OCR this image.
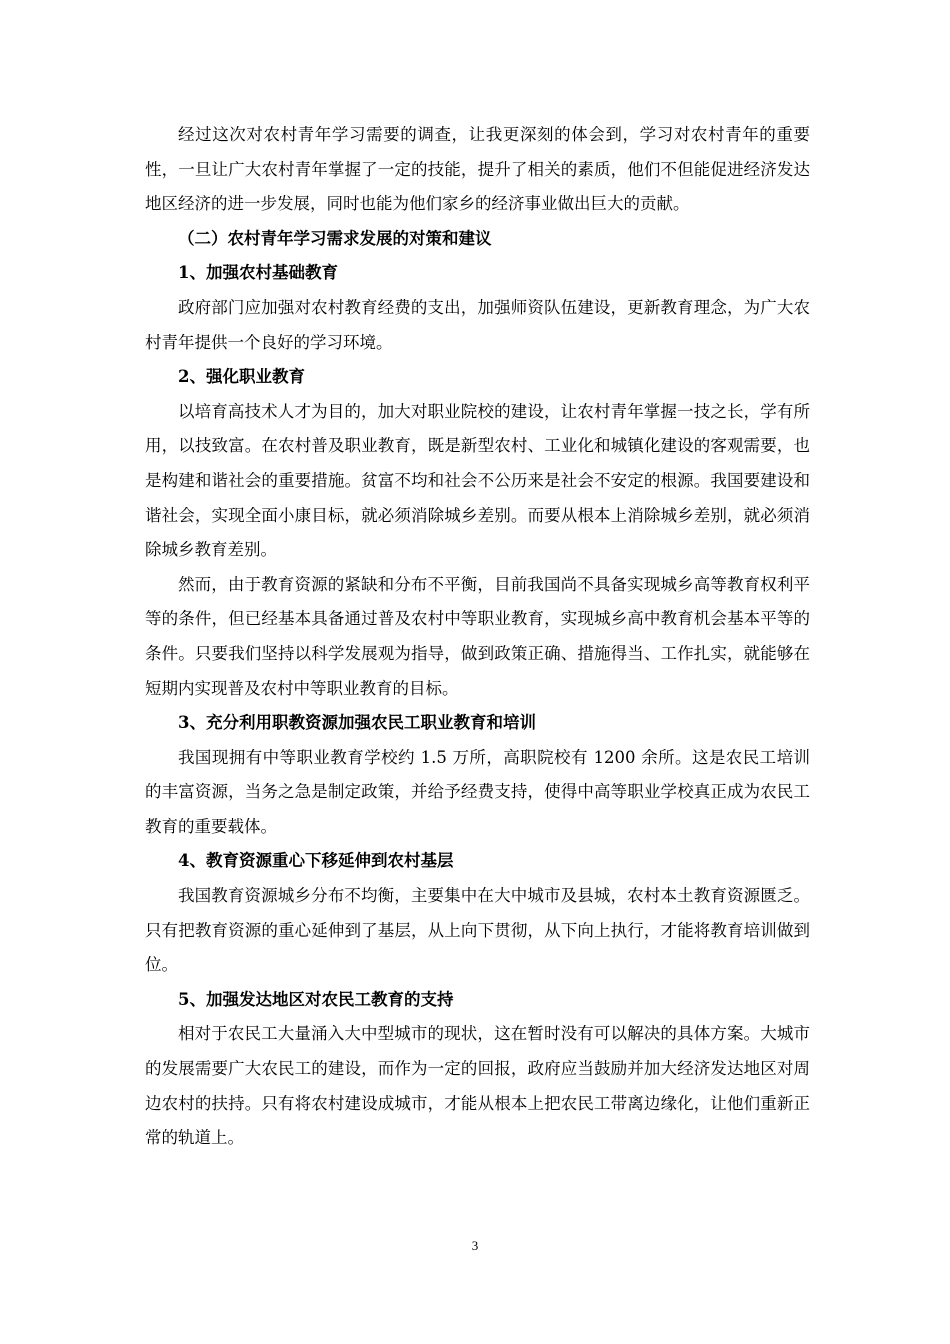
经过这次对农村青年学习需要的调查，让我更深刻的体会到，学习对农村青年的重要性，一旦让广大农村青年掌握了一定的技能，提升了相关的素质，他们不但能促进经济发达地区经济的进一步发展，同时也能为他们家乡的经济事业做出巨大的贡献。

（二）农村青年学习需求发展的对策和建议
1、加强农村基础教育

政府部门应加强对农村教育经费的支出，加强师资队伍建设，更新教育理念，为广大农村青年提供一个良好的学习环境。

2、强化职业教育

以培育高技术人才为目的，加大对职业院校的建设，让农村青年掌握一技之长，学有所用，以技致富。在农村普及职业教育，既是新型农村、工业化和城镇化建设的客观需要，也是构建和谐社会的重要措施。贫富不均和社会不公历来是社会不安定的根源。我国要建设和谐社会，实现全面小康目标，就必须消除城乡差别。而要从根本上消除城乡差别，就必须消除城乡教育差别。

然而，由于教育资源的紧缺和分布不平衡，目前我国尚不具备实现城乡高等教育权利平等的条件，但已经基本具备通过普及农村中等职业教育，实现城乡高中教育机会基本平等的条件。只要我们坚持以科学发展观为指导，做到政策正确、措施得当、工作扎实，就能够在短期内实现普及农村中等职业教育的目标。

3、充分利用职教资源加强农民工职业教育和培训

我国现拥有中等职业教育学校约 1.5 万所，高职院校有 1200 余所。这是农民工培训的丰富资源，当务之急是制定政策，并给予经费支持，使得中高等职业学校真正成为农民工教育的重要载体。

4、教育资源重心下移延伸到农村基层

我国教育资源城乡分布不均衡，主要集中在大中城市及县城，农村本土教育资源匮乏。只有把教育资源的重心延伸到了基层，从上向下贯彻，从下向上执行，才能将教育培训做到位。

5、加强发达地区对农民工教育的支持

相对于农民工大量涌入大中型城市的现状，这在暂时没有可以解决的具体方案。大城市的发展需要广大农民工的建设，而作为一定的回报，政府应当鼓励并加大经济发达地区对周边农村的扶持。只有将农村建设成城市，才能从根本上把农民工带离边缘化，让他们重新正常的轨道上。

3
